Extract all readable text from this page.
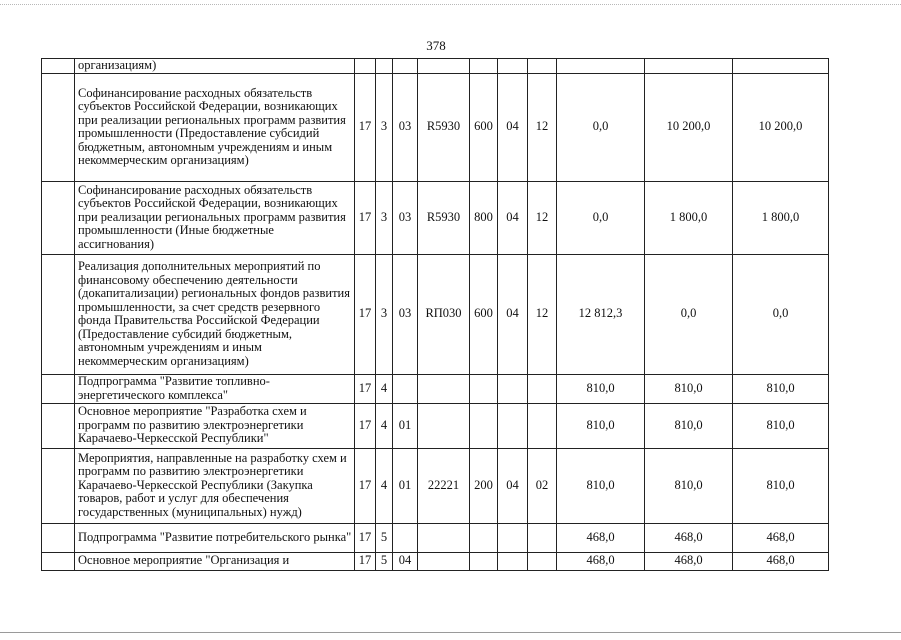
378
	организациям)										
	Софинансирование расходных обязательств субъектов Российской Федерации, возникающих при реализации региональных программ развития промышленности (Предоставление субсидий бюджетным, автономным учреждениям и иным некоммерческим организациям)	17	3	03	R5930	600	04	12	0,0	10 200,0	10 200,0
	Софинансирование расходных обязательств субъектов Российской Федерации, возникающих при реализации региональных программ развития промышленности (Иные бюджетные ассигнования)	17	3	03	R5930	800	04	12	0,0	1 800,0	1 800,0
	Реализация дополнительных мероприятий по финансовому обеспечению деятельности (докапитализации) региональных фондов развития промышленности, за счет средств резервного фонда Правительства Российской Федерации (Предоставление субсидий бюджетным, автономным учреждениям и иным некоммерческим организациям)	17	3	03	RП030	600	04	12	12 812,3	0,0	0,0
	Подпрограмма "Развитие топливно-энергетического комплекса"	17	4						810,0	810,0	810,0
	Основное мероприятие "Разработка схем и программ по развитию электроэнергетики Карачаево-Черкесской Республики"	17	4	01					810,0	810,0	810,0
	Мероприятия, направленные на разработку схем и программ по развитию электроэнергетики Карачаево-Черкесской Республики (Закупка товаров, работ и услуг для обеспечения государственных (муниципальных) нужд)	17	4	01	22221	200	04	02	810,0	810,0	810,0
	Подпрограмма "Развитие потребительского рынка"	17	5						468,0	468,0	468,0
	Основное мероприятие "Организация и	17	5	04					468,0	468,0	468,0
